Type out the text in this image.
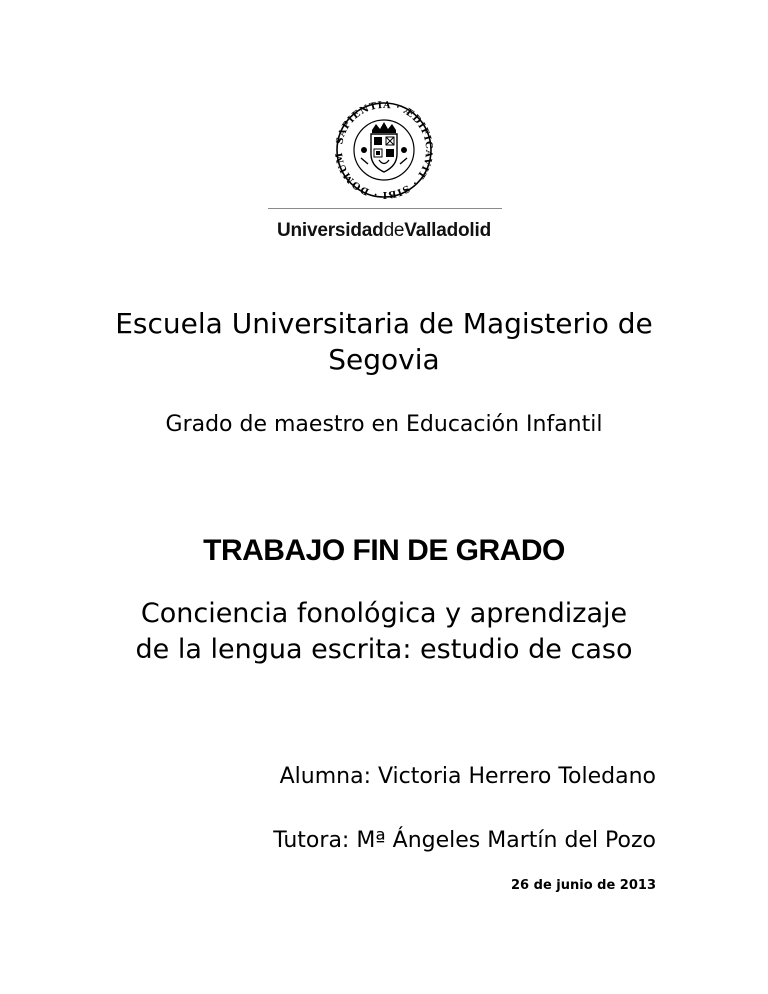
SAPIENTIA · ÆDIFICAVIT · SIBI · DOMUM
UniversidaddeValladolid
Escuela Universitaria de Magisterio de
Segovia
Grado de maestro en Educación Infantil
TRABAJO FIN DE GRADO
Conciencia fonológica y aprendizaje
de la lengua escrita: estudio de caso
Alumna: Victoria Herrero Toledano
Tutora: Mª Ángeles Martín del Pozo
26 de junio de 2013
